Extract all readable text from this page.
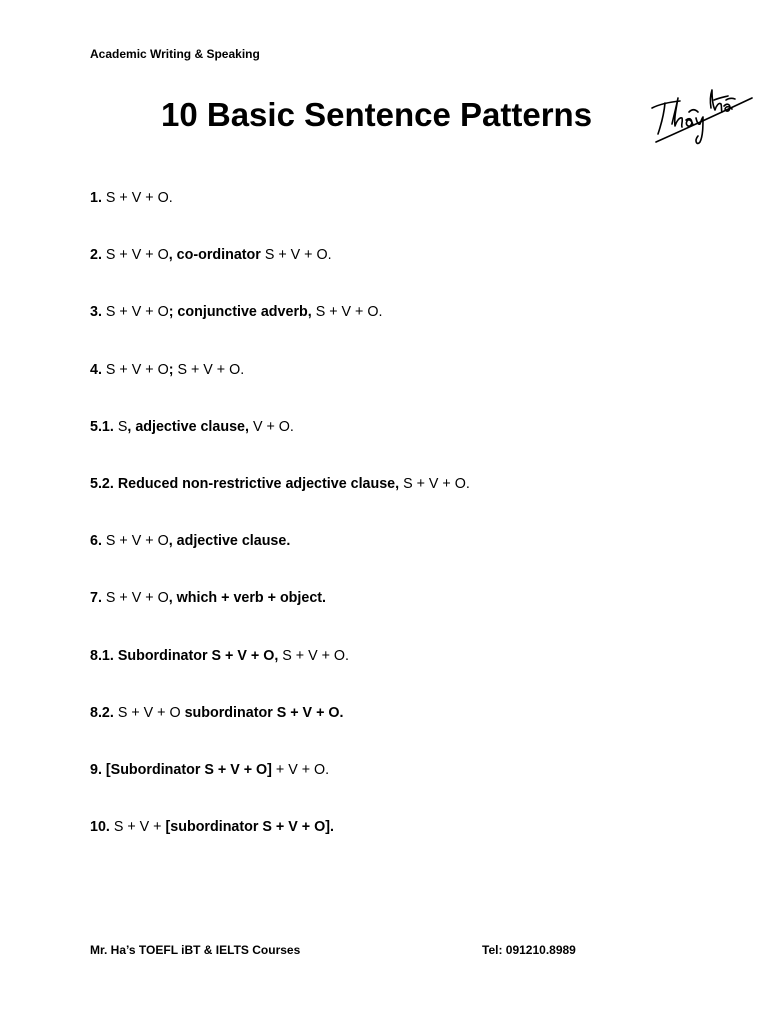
Academic Writing & Speaking
10 Basic Sentence Patterns
1. S + V + O.
2. S + V + O, co-ordinator S + V + O.
3. S + V + O; conjunctive adverb, S + V + O.
4. S + V + O; S + V + O.
5.1. S, adjective clause, V + O.
5.2. Reduced non-restrictive adjective clause, S + V + O.
6. S + V + O, adjective clause.
7. S + V + O, which + verb + object.
8.1. Subordinator S + V + O, S + V + O.
8.2. S + V + O subordinator S + V + O.
9. [Subordinator S + V + O] + V + O.
10. S + V + [subordinator S + V + O].
Mr. Ha’s TOEFL iBT & IELTS Courses	Tel: 091210.8989
